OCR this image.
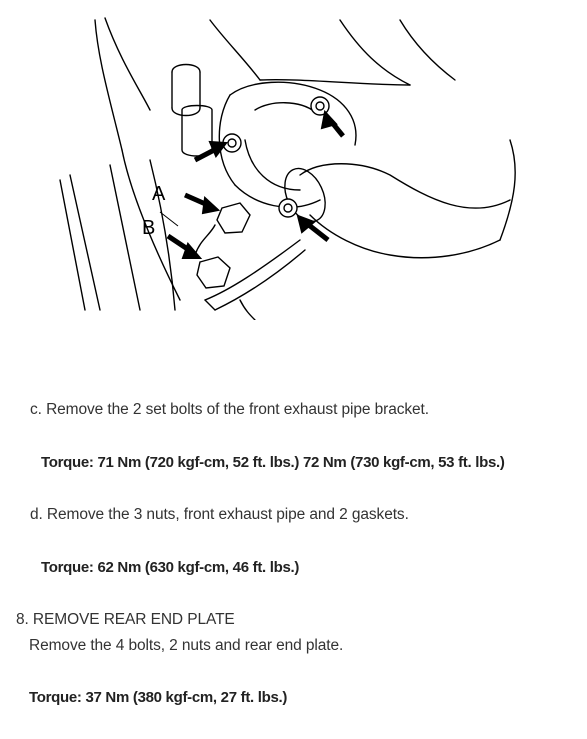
A
B
c. Remove the 2 set bolts of the front exhaust pipe bracket.
Torque: 71 Nm (720 kgf-cm, 52 ft. lbs.) 72 Nm (730 kgf-cm, 53 ft. lbs.)
d. Remove the 3 nuts, front exhaust pipe and 2 gaskets.
Torque: 62 Nm (630 kgf-cm, 46 ft. lbs.)
8. REMOVE REAR END PLATE
Remove the 4 bolts, 2 nuts and rear end plate.
Torque: 37 Nm (380 kgf-cm, 27 ft. lbs.)
